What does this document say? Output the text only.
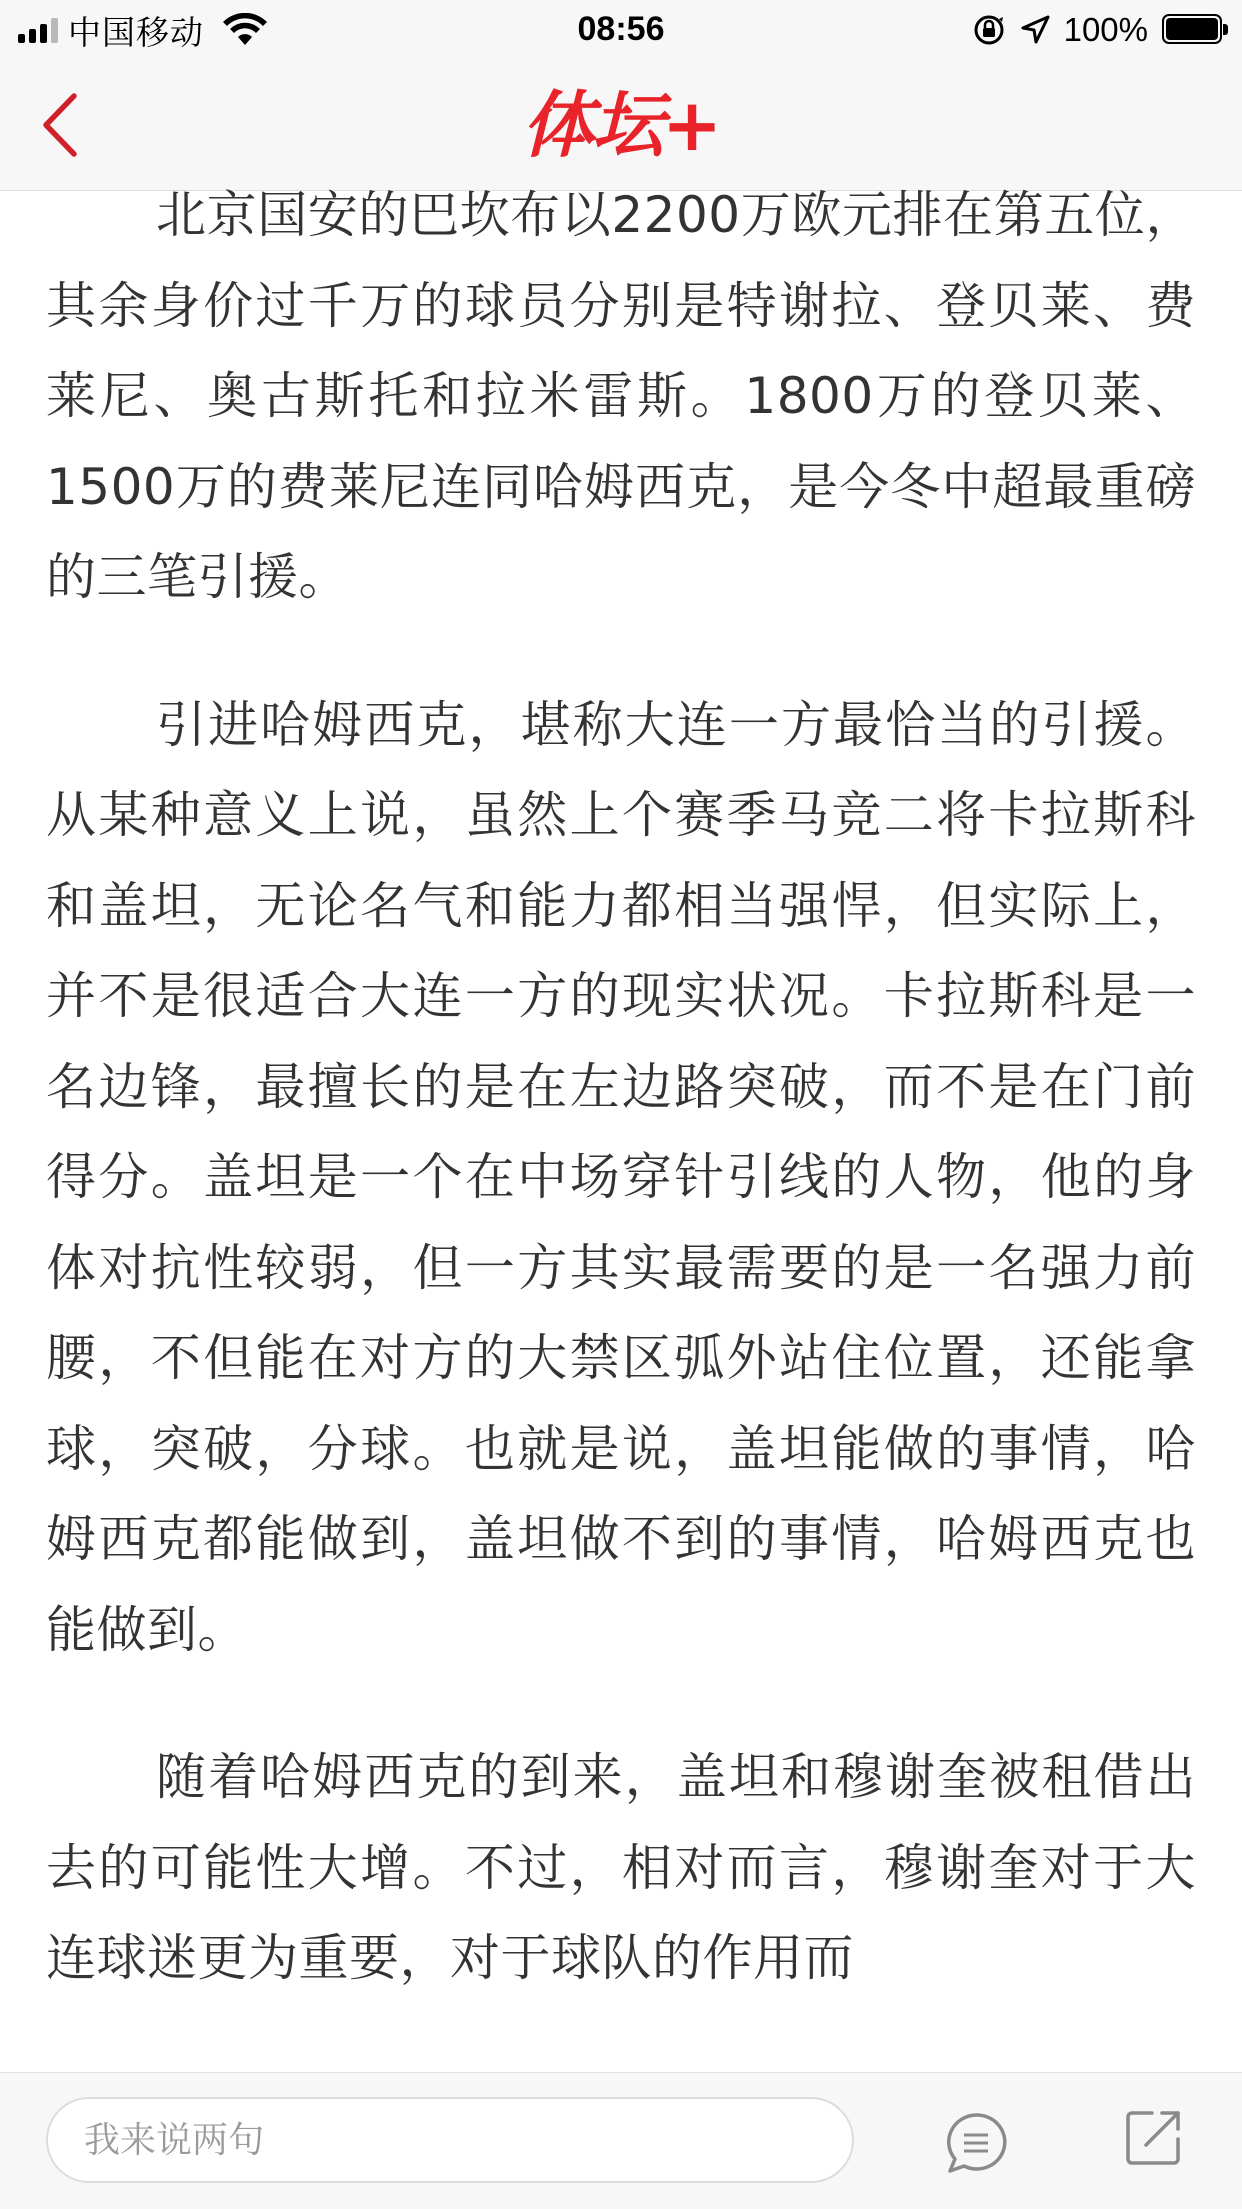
中国移动	08:56	100%
体坛+

北京国安的巴坎布以2200万欧元排在第五位，其余身价过千万的球员分别是特谢拉、登贝莱、费莱尼、奥古斯托和拉米雷斯。1800万的登贝莱、1500万的费莱尼连同哈姆西克，是今冬中超最重磅的三笔引援。

引进哈姆西克，堪称大连一方最恰当的引援。从某种意义上说，虽然上个赛季马竞二将卡拉斯科和盖坦，无论名气和能力都相当强悍，但实际上，并不是很适合大连一方的现实状况。卡拉斯科是一名边锋，最擅长的是在左边路突破，而不是在门前得分。盖坦是一个在中场穿针引线的人物，他的身体对抗性较弱，但一方其实最需要的是一名强力前腰，不但能在对方的大禁区弧外站住位置，还能拿球，突破，分球。也就是说，盖坦能做的事情，哈姆西克都能做到，盖坦做不到的事情，哈姆西克也能做到。

随着哈姆西克的到来，盖坦和穆谢奎被租借出去的可能性大增。不过，相对而言，穆谢奎对于大连球迷更为重要，对于球队的作用而

我来说两句
